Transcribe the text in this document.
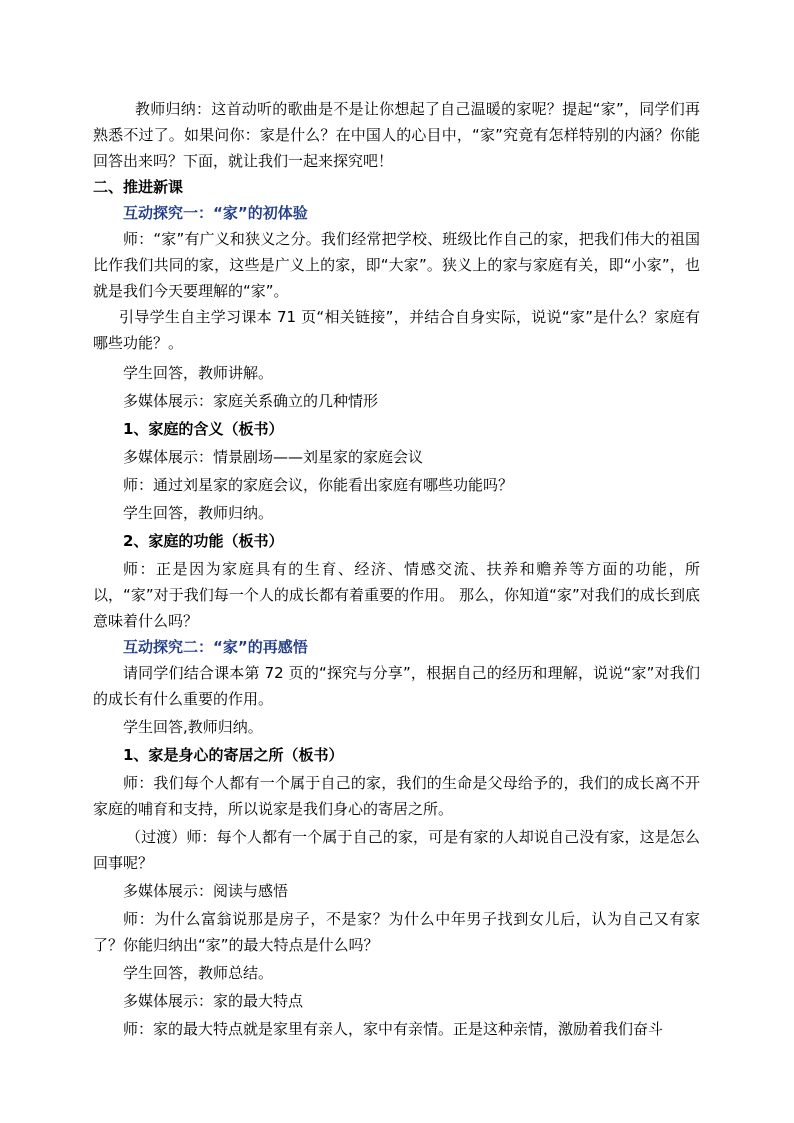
教师归纳：这首动听的歌曲是不是让你想起了自己温暖的家呢？提起“家”，同学们再熟悉不过了。如果问你：家是什么？在中国人的心目中，“家”究竟有怎样特别的内涵？你能回答出来吗？下面，就让我们一起来探究吧！

二、推进新课

互动探究一：“家”的初体验

师：“家”有广义和狭义之分。我们经常把学校、班级比作自己的家，把我们伟大的祖国比作我们共同的家，这些是广义上的家，即“大家”。狭义上的家与家庭有关，即“小家”，也就是我们今天要理解的“家”。

引导学生自主学习课本 71 页“相关链接”，并结合自身实际，说说“家”是什么？家庭有哪些功能？。

学生回答，教师讲解。

多媒体展示：家庭关系确立的几种情形

1、家庭的含义（板书）

多媒体展示：情景剧场——刘星家的家庭会议

师：通过刘星家的家庭会议，你能看出家庭有哪些功能吗？

学生回答，教师归纳。

2、家庭的功能（板书）

师：正是因为家庭具有的生育、经济、情感交流、扶养和赡养等方面的功能，所以，“家”对于我们每一个人的成长都有着重要的作用。 那么，你知道“家”对我们的成长到底意味着什么吗？

互动探究二：“家”的再感悟

请同学们结合课本第 72 页的“探究与分享”，根据自己的经历和理解，说说“家”对我们的成长有什么重要的作用。

学生回答,教师归纳。

1、家是身心的寄居之所（板书）

师：我们每个人都有一个属于自己的家，我们的生命是父母给予的，我们的成长离不开家庭的哺育和支持，所以说家是我们身心的寄居之所。

（过渡）师：每个人都有一个属于自己的家，可是有家的人却说自己没有家，这是怎么回事呢？

多媒体展示：阅读与感悟

师：为什么富翁说那是房子，不是家？为什么中年男子找到女儿后，认为自己又有家了？你能归纳出“家”的最大特点是什么吗？

学生回答，教师总结。

多媒体展示：家的最大特点

师：家的最大特点就是家里有亲人，家中有亲情。正是这种亲情，激励着我们奋斗
